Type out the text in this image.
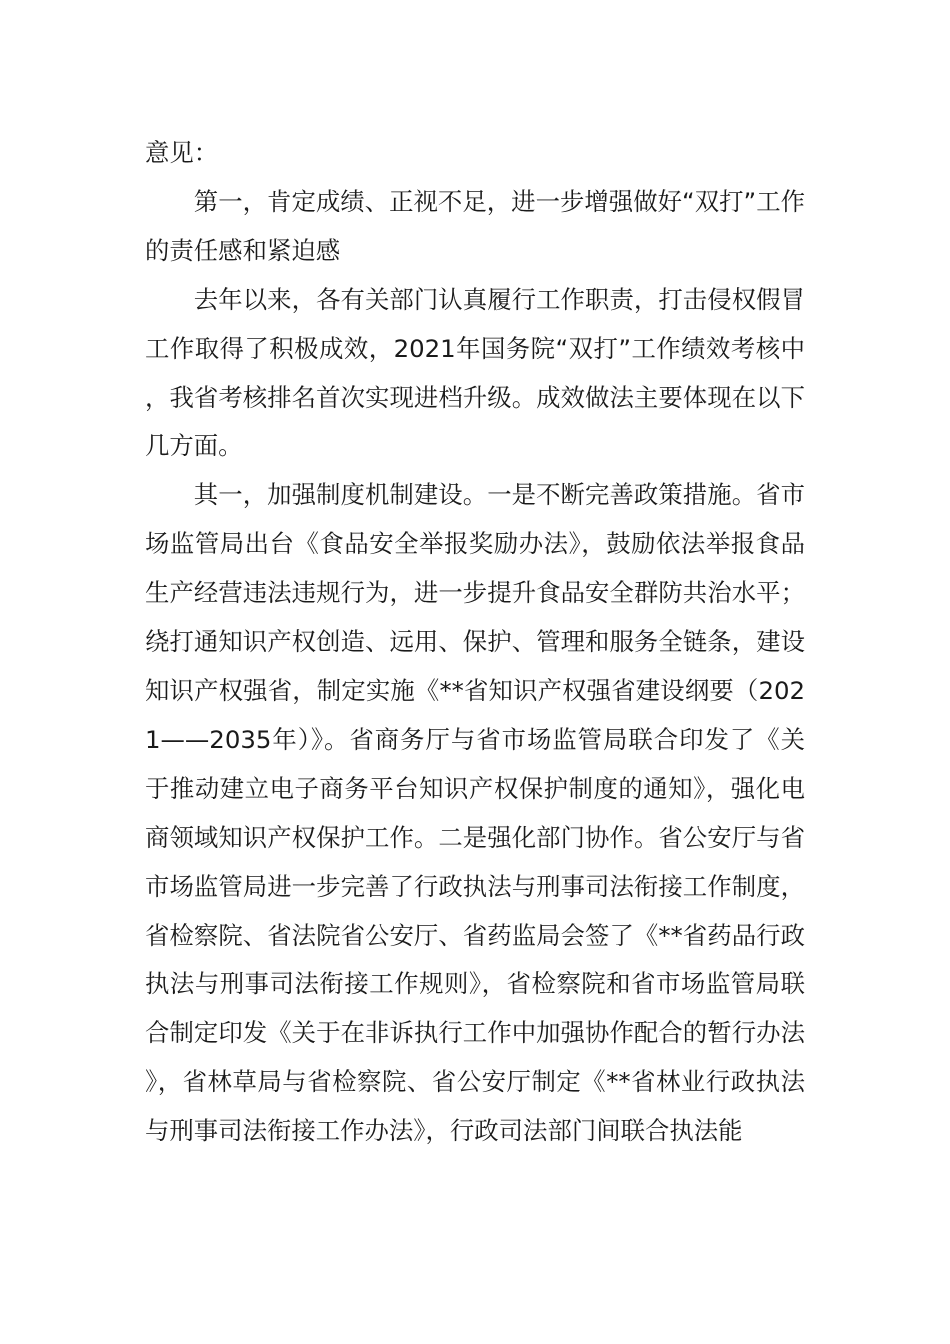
意见：

第一，肯定成绩、正视不足，进一步增强做好“双打”工作的责任感和紧迫感

去年以来，各有关部门认真履行工作职责，打击侵权假冒工作取得了积极成效，2021年国务院“双打”工作绩效考核中，我省考核排名首次实现进档升级。成效做法主要体现在以下几方面。

其一，加强制度机制建设。一是不断完善政策措施。省市场监管局出台《食品安全举报奖励办法》，鼓励依法举报食品生产经营违法违规行为，进一步提升食品安全群防共治水平；绕打通知识产权创造、远用、保护、管理和服务全链条，建设知识产权强省，制定实施《**省知识产权强省建设纲要（2021——2035年）》。省商务厅与省市场监管局联合印发了《关于推动建立电子商务平台知识产权保护制度的通知》，强化电商领域知识产权保护工作。二是强化部门协作。省公安厅与省市场监管局进一步完善了行政执法与刑事司法衔接工作制度，省检察院、省法院省公安厅、省药监局会签了《**省药品行政执法与刑事司法衔接工作规则》，省检察院和省市场监管局联合制定印发《关于在非诉执行工作中加强协作配合的暂行办法》，省林草局与省检察院、省公安厅制定《**省林业行政执法与刑事司法衔接工作办法》，行政司法部门间联合执法能
